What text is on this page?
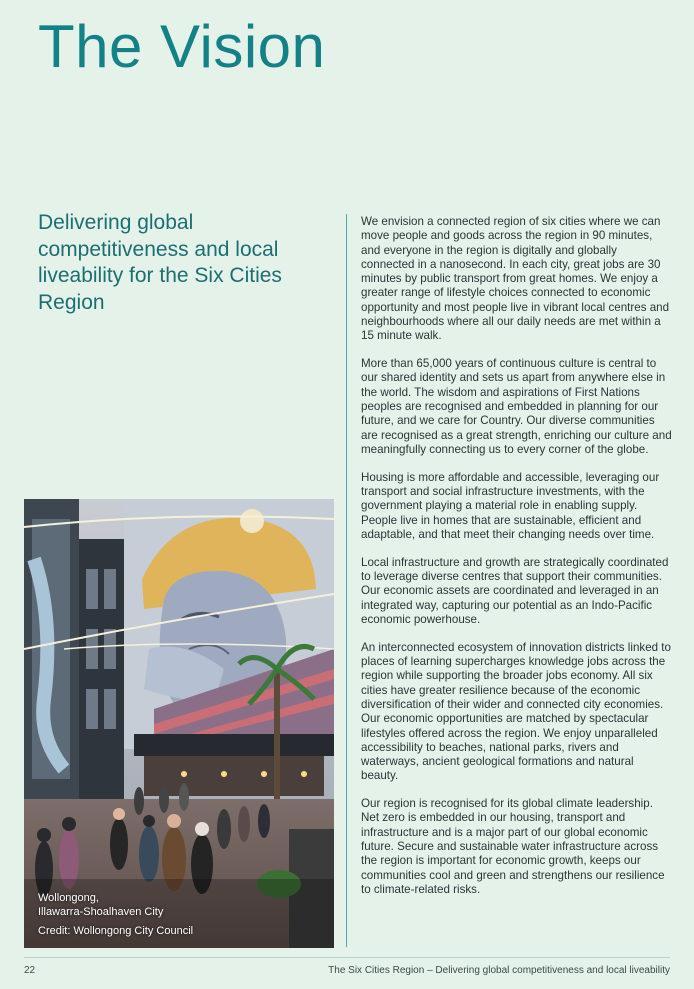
The Vision
Delivering global competitiveness and local liveability for the Six Cities Region

We envision a connected region of six cities where we can move people and goods across the region in 90 minutes, and everyone in the region is digitally and globally connected in a nanosecond. In each city, great jobs are 30 minutes by public transport from great homes. We enjoy a greater range of lifestyle choices connected to economic opportunity and most people live in vibrant local centres and neighbourhoods where all our daily needs are met within a 15 minute walk.

More than 65,000 years of continuous culture is central to our shared identity and sets us apart from anywhere else in the world. The wisdom and aspirations of First Nations peoples are recognised and embedded in planning for our future, and we care for Country. Our diverse communities are recognised as a great strength, enriching our culture and meaningfully connecting us to every corner of the globe.

Housing is more affordable and accessible, leveraging our transport and social infrastructure investments, with the government playing a material role in enabling supply. People live in homes that are sustainable, efficient and adaptable, and that meet their changing needs over time.

Local infrastructure and growth are strategically coordinated to leverage diverse centres that support their communities. Our economic assets are coordinated and leveraged in an integrated way, capturing our potential as an Indo-Pacific economic powerhouse.

An interconnected ecosystem of innovation districts linked to places of learning supercharges knowledge jobs across the region while supporting the broader jobs economy. All six cities have greater resilience because of the economic diversification of their wider and connected city economies. Our economic opportunities are matched by spectacular lifestyles offered across the region. We enjoy unparalleled accessibility to beaches, national parks, rivers and waterways, ancient geological formations and natural beauty.

Our region is recognised for its global climate leadership. Net zero is embedded in our housing, transport and infrastructure and is a major part of our global economic future. Secure and sustainable water infrastructure across the region is important for economic growth, keeps our communities cool and green and strengthens our resilience to climate-related risks.

Wollongong,
Illawarra-Shoalhaven City
Credit: Wollongong City Council
22	The Six Cities Region – Delivering global competitiveness and local liveability
